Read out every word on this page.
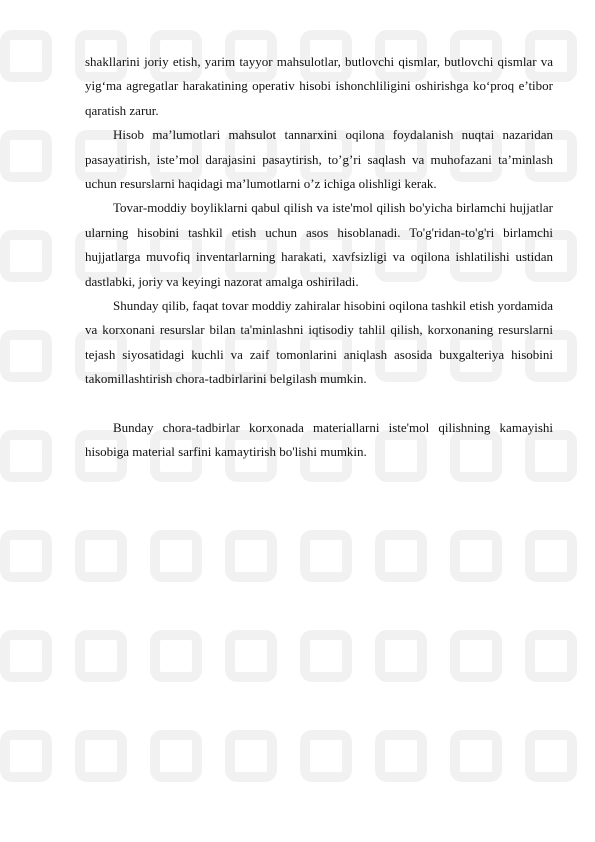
shakllarini joriy etish, yarim tayyor mahsulotlar, butlovchi qismlar, butlovchi qismlar va yig‘ma agregatlar harakatining operativ hisobi ishonchliligini oshirishga ko‘proq e’tibor qaratish zarur.

Hisob ma’lumotlari mahsulot tannarxini oqilona foydalanish nuqtai nazaridan pasayatirish, iste’mol darajasini pasaytirish, to’g’ri saqlash va muhofazani ta’minlash uchun resurslarni haqidagi ma’lumotlarni o’z ichiga olishligi kerak.

Tovar-moddiy boyliklarni qabul qilish va iste'mol qilish bo'yicha birlamchi hujjatlar ularning hisobini tashkil etish uchun asos hisoblanadi. To'g'ridan-to'g'ri birlamchi hujjatlarga muvofiq inventarlarning harakati, xavfsizligi va oqilona ishlatilishi ustidan dastlabki, joriy va keyingi nazorat amalga oshiriladi.

Shunday qilib, faqat tovar moddiy zahiralar hisobini oqilona tashkil etish yordamida va korxonani resurslar bilan ta'minlashni iqtisodiy tahlil qilish, korxonaning resurslarni tejash siyosatidagi kuchli va zaif tomonlarini aniqlash asosida buxgalteriya hisobini takomillashtirish chora-tadbirlarini belgilash mumkin.

Bunday chora-tadbirlar korxonada materiallarni iste'mol qilishning kamayishi hisobiga material sarfini kamaytirish bo'lishi mumkin.
